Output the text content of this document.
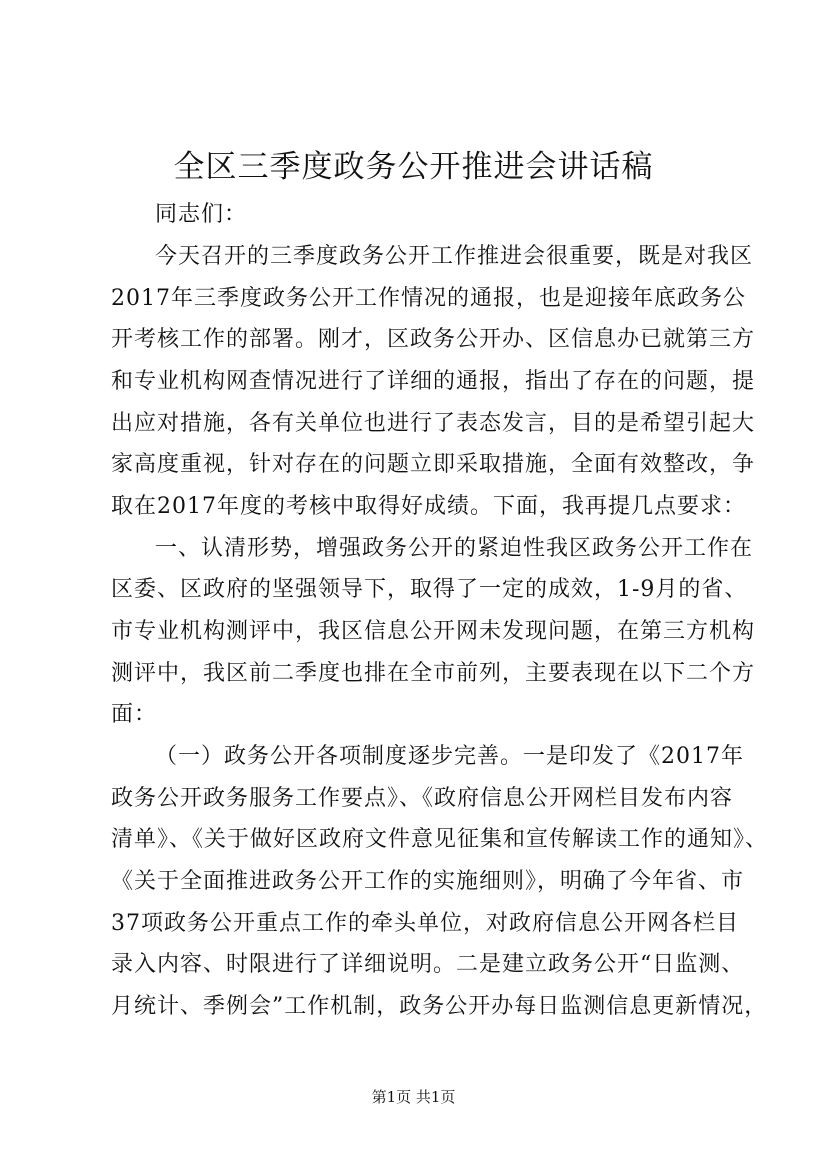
全区三季度政务公开推进会讲话稿
同志们：
今天召开的三季度政务公开工作推进会很重要，既是对我区
2017年三季度政务公开工作情况的通报，也是迎接年底政务公
开考核工作的部署。刚才，区政务公开办、区信息办已就第三方
和专业机构网查情况进行了详细的通报，指出了存在的问题，提
出应对措施，各有关单位也进行了表态发言，目的是希望引起大
家高度重视，针对存在的问题立即采取措施，全面有效整改，争
取在2017年度的考核中取得好成绩。下面，我再提几点要求：
一、认清形势，增强政务公开的紧迫性我区政务公开工作在
区委、区政府的坚强领导下，取得了一定的成效，1-9月的省、
市专业机构测评中，我区信息公开网未发现问题，在第三方机构
测评中，我区前二季度也排在全市前列，主要表现在以下二个方
面：
（一）政务公开各项制度逐步完善。一是印发了《2017年
政务公开政务服务工作要点》、《政府信息公开网栏目发布内容
清单》、《关于做好区政府文件意见征集和宣传解读工作的通知》、
《关于全面推进政务公开工作的实施细则》，明确了今年省、市
37项政务公开重点工作的牵头单位，对政府信息公开网各栏目
录入内容、时限进行了详细说明。二是建立政务公开“日监测、
月统计、季例会”工作机制，政务公开办每日监测信息更新情况，
第1页 共1页
